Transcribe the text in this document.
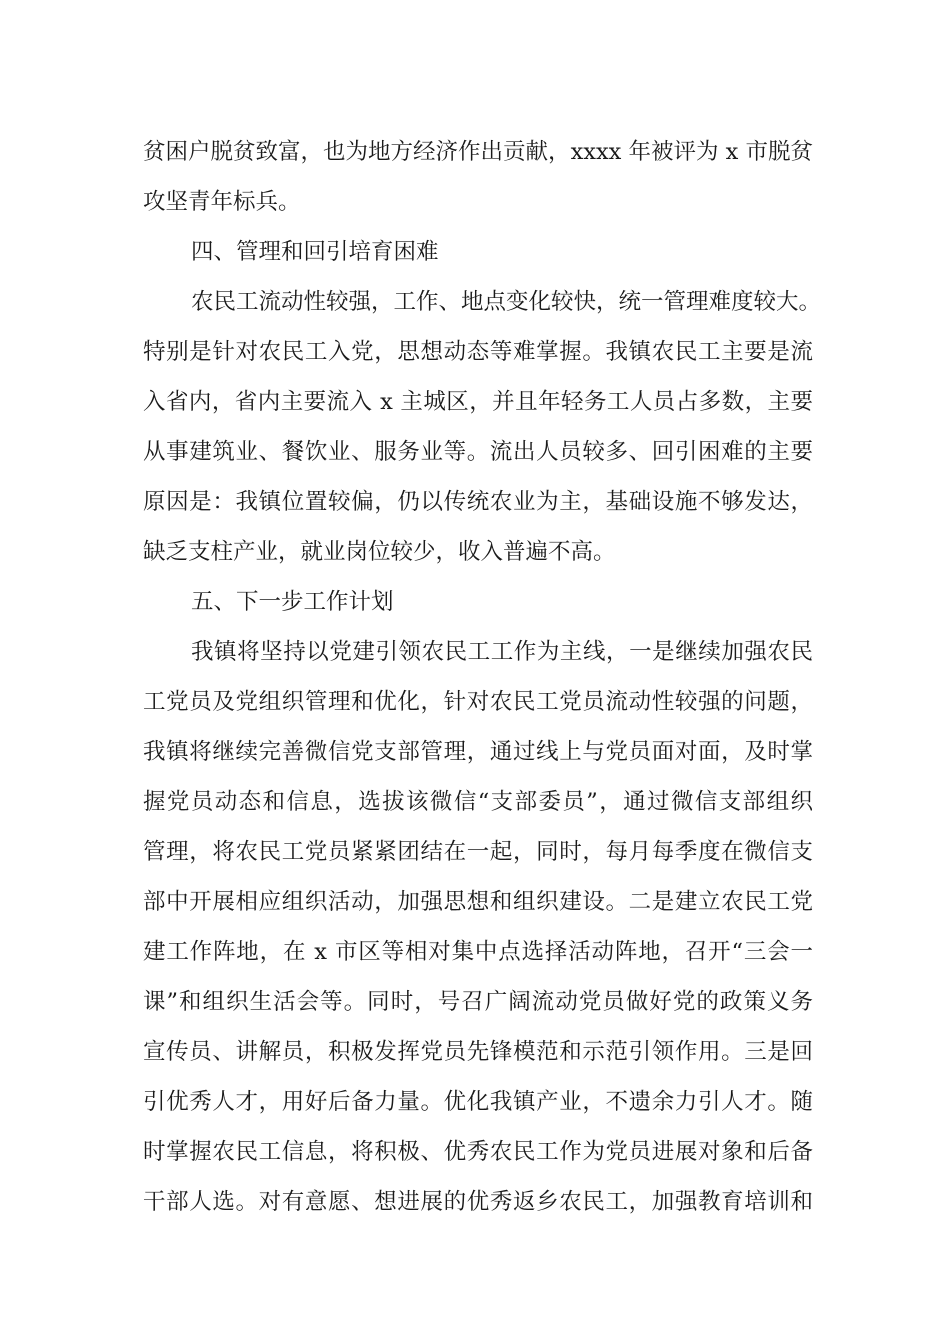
贫困户脱贫致富，也为地方经济作出贡献，xxxx 年被评为 x 市脱贫
攻坚青年标兵。
四、管理和回引培育困难
农民工流动性较强，工作、地点变化较快，统一管理难度较大。
特别是针对农民工入党，思想动态等难掌握。我镇农民工主要是流
入省内，省内主要流入 x 主城区，并且年轻务工人员占多数，主要
从事建筑业、餐饮业、服务业等。流出人员较多、回引困难的主要
原因是：我镇位置较偏，仍以传统农业为主，基础设施不够发达，
缺乏支柱产业，就业岗位较少，收入普遍不高。
五、下一步工作计划
我镇将坚持以党建引领农民工工作为主线，一是继续加强农民
工党员及党组织管理和优化，针对农民工党员流动性较强的问题，
我镇将继续完善微信党支部管理，通过线上与党员面对面，及时掌
握党员动态和信息，选拔该微信“支部委员”，通过微信支部组织
管理，将农民工党员紧紧团结在一起，同时，每月每季度在微信支
部中开展相应组织活动，加强思想和组织建设。二是建立农民工党
建工作阵地，在 x 市区等相对集中点选择活动阵地，召开“三会一
课”和组织生活会等。同时，号召广阔流动党员做好党的政策义务
宣传员、讲解员，积极发挥党员先锋模范和示范引领作用。三是回
引优秀人才，用好后备力量。优化我镇产业，不遗余力引人才。随
时掌握农民工信息，将积极、优秀农民工作为党员进展对象和后备
干部人选。对有意愿、想进展的优秀返乡农民工，加强教育培训和
